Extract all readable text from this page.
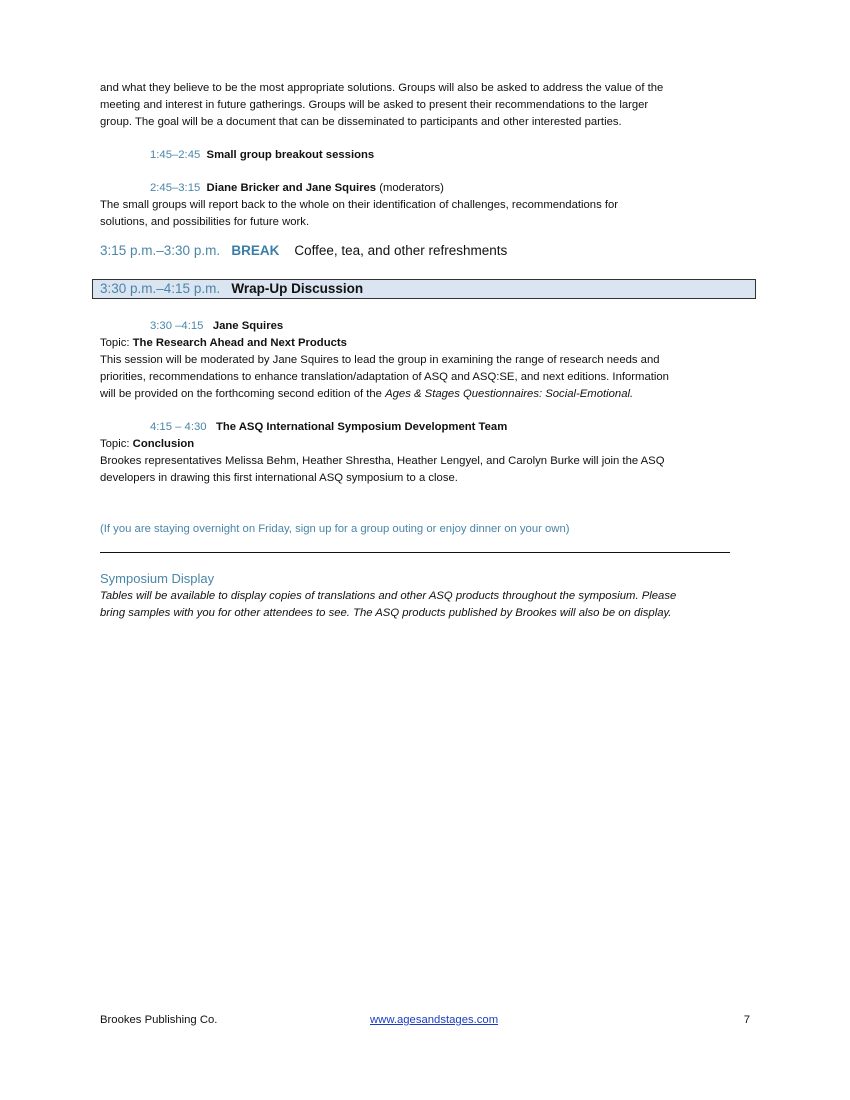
and what they believe to be the most appropriate solutions. Groups will also be asked to address the value of the

meeting and interest in future gatherings. Groups will be asked to present their recommendations to the larger

group. The goal will be a document that can be disseminated to participants and other interested parties.

1:45–2:45 Small group breakout sessions

2:45–3:15 Diane Bricker and Jane Squires (moderators)

The small groups will report back to the whole on their identification of challenges, recommendations for

solutions, and possibilities for future work.

3:15 p.m.–3:30 p.m. BREAK Coffee, tea, and other refreshments

3:30 p.m.–4:15 p.m. Wrap-Up Discussion

3:30 –4:15 Jane Squires

Topic: The Research Ahead and Next Products

This session will be moderated by Jane Squires to lead the group in examining the range of research needs and

priorities, recommendations to enhance translation/adaptation of ASQ and ASQ:SE, and next editions. Information

will be provided on the forthcoming second edition of the Ages & Stages Questionnaires: Social-Emotional.

4:15 – 4:30 The ASQ International Symposium Development Team

Topic: Conclusion

Brookes representatives Melissa Behm, Heather Shrestha, Heather Lengyel, and Carolyn Burke will join the ASQ

developers in drawing this first international ASQ symposium to a close.

(If you are staying overnight on Friday, sign up for a group outing or enjoy dinner on your own)

Symposium Display

Tables will be available to display copies of translations and other ASQ products throughout the symposium. Please

bring samples with you for other attendees to see. The ASQ products published by Brookes will also be on display.

Brookes Publishing Co.	www.agesandstages.com	7
